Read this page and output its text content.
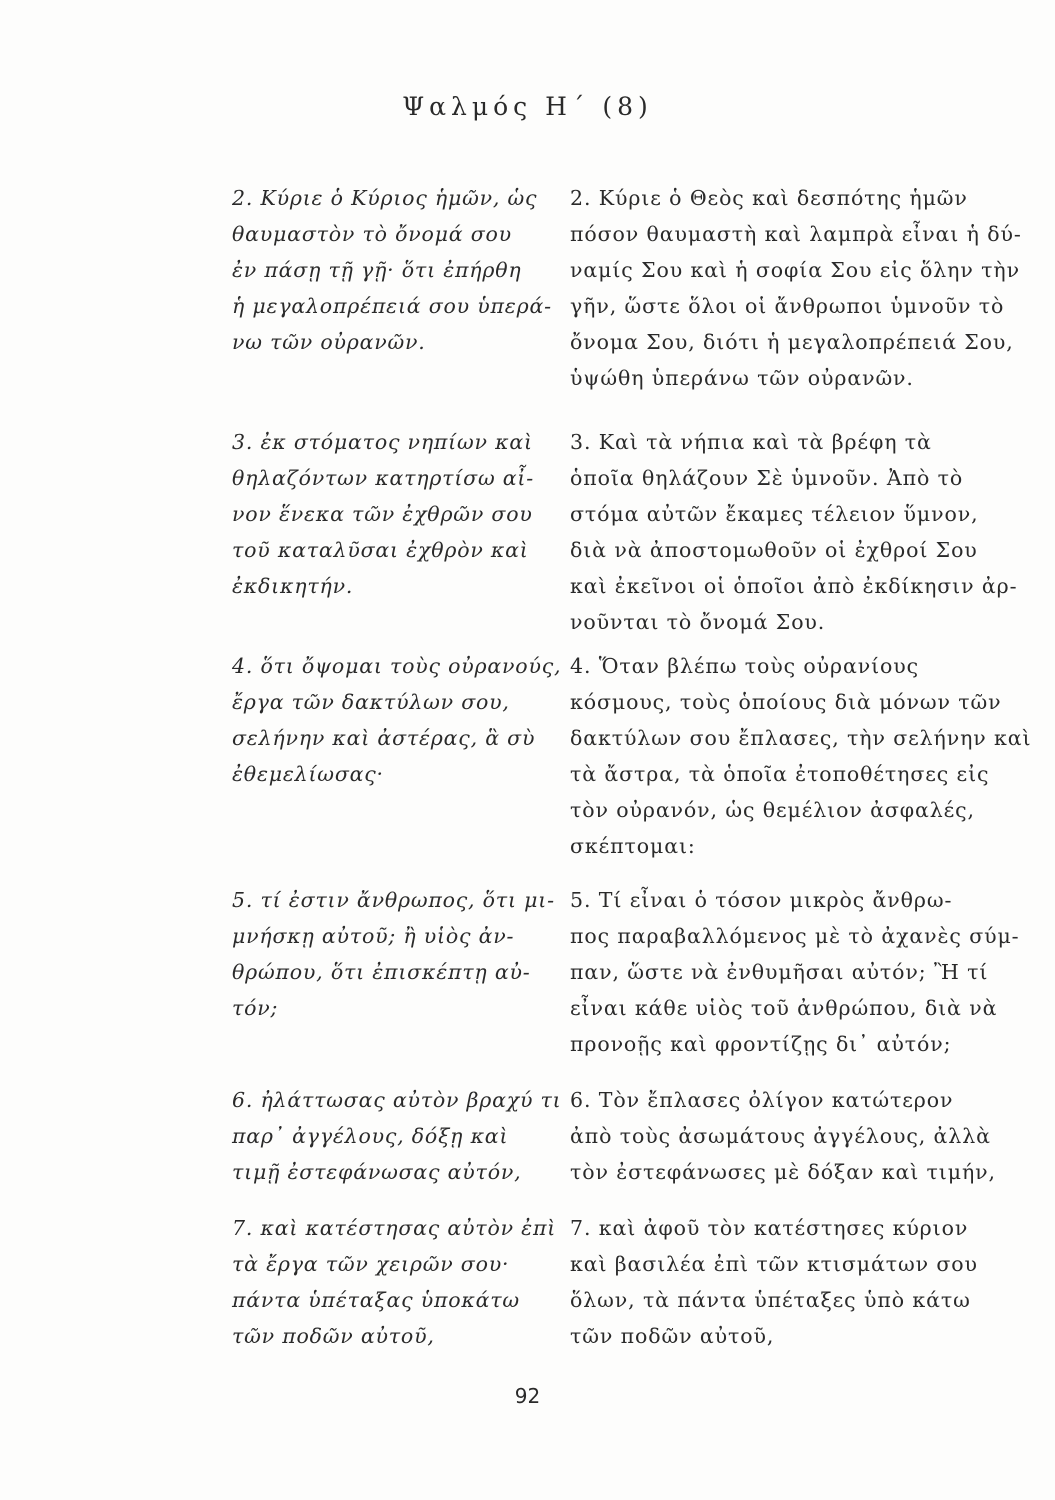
Ψαλμός Η΄ (8)
2. Κύριε ὁ Κύριος ἡμῶν, ὡς
θαυμαστὸν τὸ ὄνομά σου
ἐν πάσῃ τῇ γῇ· ὅτι ἐπήρθη
ἡ μεγαλοπρέπειά σου ὑπερά-
νω τῶν οὐρανῶν.
3. ἐκ στόματος νηπίων καὶ
θηλαζόντων κατηρτίσω αἶ-
νον ἕνεκα τῶν ἐχθρῶν σου
τοῦ καταλῦσαι ἐχθρὸν καὶ
ἐκδικητήν.
4. ὅτι ὄψομαι τοὺς οὐρανούς,
ἔργα τῶν δακτύλων σου,
σελήνην καὶ ἀστέρας, ἃ σὺ
ἐθεμελίωσας·
5. τί ἐστιν ἄνθρωπος, ὅτι μι-
μνήσκῃ αὐτοῦ; ἢ υἱὸς ἀν-
θρώπου, ὅτι ἐπισκέπτῃ αὐ-
τόν;
6. ἠλάττωσας αὐτὸν βραχύ τι
παρ᾿ ἀγγέλους, δόξῃ καὶ
τιμῇ ἐστεφάνωσας αὐτόν,
7. καὶ κατέστησας αὐτὸν ἐπὶ
τὰ ἔργα τῶν χειρῶν σου·
πάντα ὑπέταξας ὑποκάτω
τῶν ποδῶν αὐτοῦ,
2. Κύριε ὁ Θεὸς καὶ δεσπότης ἡμῶν
πόσον θαυμαστὴ καὶ λαμπρὰ εἶναι ἡ δύ-
ναμίς Σου καὶ ἡ σοφία Σου εἰς ὅλην τὴν
γῆν, ὥστε ὅλοι οἱ ἄνθρωποι ὑμνοῦν τὸ
ὄνομα Σου, διότι ἡ μεγαλοπρέπειά Σου,
ὑψώθη ὑπεράνω τῶν οὐρανῶν.
3. Καὶ τὰ νήπια καὶ τὰ βρέφη τὰ
ὁποῖα θηλάζουν Σὲ ὑμνοῦν. Ἀπὸ τὸ
στόμα αὐτῶν ἔκαμες τέλειον ὕμνον,
διὰ νὰ ἀποστομωθοῦν οἱ ἐχθροί Σου
καὶ ἐκεῖνοι οἱ ὁποῖοι ἀπὸ ἐκδίκησιν ἀρ-
νοῦνται τὸ ὄνομά Σου.
4. Ὅταν βλέπω τοὺς οὐρανίους
κόσμους, τοὺς ὁποίους διὰ μόνων τῶν
δακτύλων σου ἔπλασες, τὴν σελήνην καὶ
τὰ ἄστρα, τὰ ὁποῖα ἐτοποθέτησες εἰς
τὸν οὐρανόν, ὡς θεμέλιον ἀσφαλές,
σκέπτομαι:
5. Τί εἶναι ὁ τόσον μικρὸς ἄνθρω-
πος παραβαλλόμενος μὲ τὸ ἀχανὲς σύμ-
παν, ὥστε νὰ ἐνθυμῆσαι αὐτόν; Ἢ τί
εἶναι κάθε υἱὸς τοῦ ἀνθρώπου, διὰ νὰ
προνοῇς καὶ φροντίζῃς δι᾿ αὐτόν;
6. Τὸν ἔπλασες ὀλίγον κατώτερον
ἀπὸ τοὺς ἀσωμάτους ἀγγέλους, ἀλλὰ
τὸν ἐστεφάνωσες μὲ δόξαν καὶ τιμήν,
7. καὶ ἀφοῦ τὸν κατέστησες κύριον
καὶ βασιλέα ἐπὶ τῶν κτισμάτων σου
ὅλων, τὰ πάντα ὑπέταξες ὑπὸ κάτω
τῶν ποδῶν αὐτοῦ,
92
